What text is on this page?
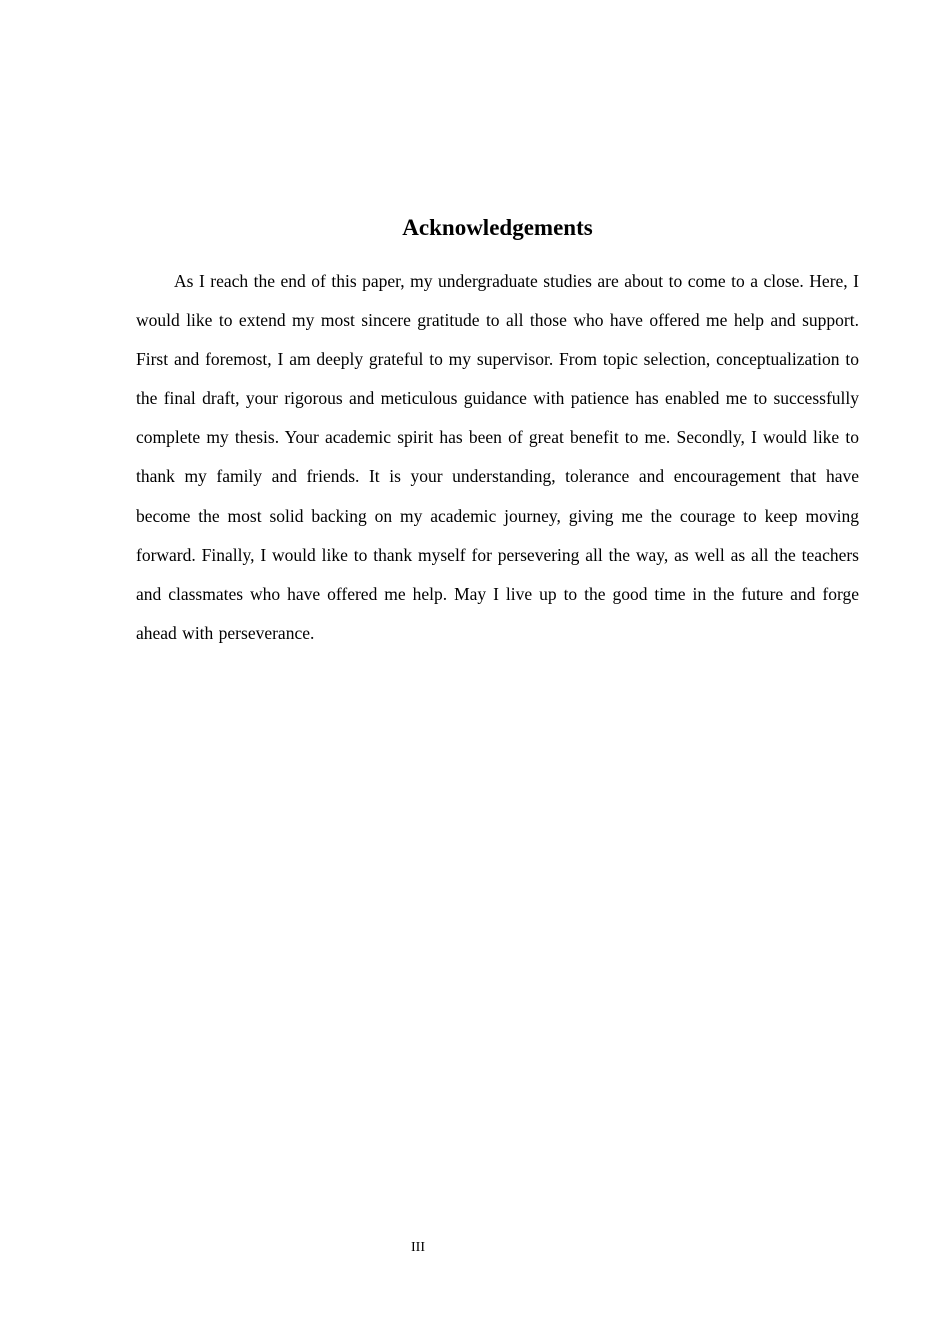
Acknowledgements

As I reach the end of this paper, my undergraduate studies are about to come to a close. Here, I would like to extend my most sincere gratitude to all those who have offered me help and support. First and foremost, I am deeply grateful to my supervisor. From topic selection, conceptualization to the final draft, your rigorous and meticulous guidance with patience has enabled me to successfully complete my thesis. Your academic spirit has been of great benefit to me. Secondly, I would like to thank my family and friends. It is your understanding, tolerance and encouragement that have become the most solid backing on my academic journey, giving me the courage to keep moving forward. Finally, I would like to thank myself for persevering all the way, as well as all the teachers and classmates who have offered me help. May I live up to the good time in the future and forge ahead with perseverance.

III
